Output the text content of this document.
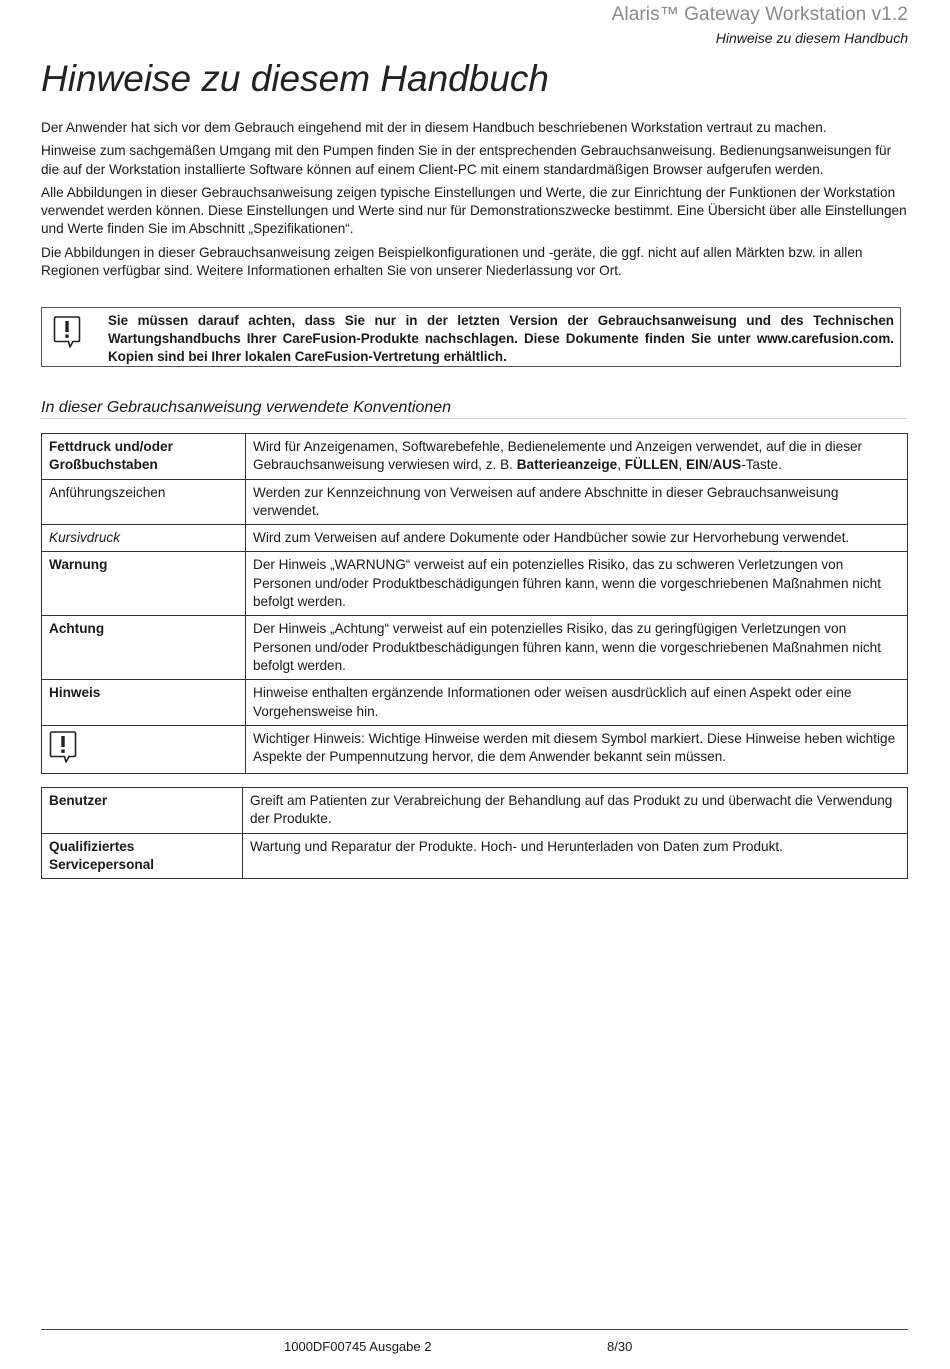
Alaris™ Gateway Workstation v1.2
Hinweise zu diesem Handbuch
Hinweise zu diesem Handbuch

Der Anwender hat sich vor dem Gebrauch eingehend mit der in diesem Handbuch beschriebenen Workstation vertraut zu machen.

Hinweise zum sachgemäßen Umgang mit den Pumpen finden Sie in der entsprechenden Gebrauchsanweisung. Bedienungsanweisungen für die auf der Workstation installierte Software können auf einem Client-PC mit einem standardmäßigen Browser aufgerufen werden.

Alle Abbildungen in dieser Gebrauchsanweisung zeigen typische Einstellungen und Werte, die zur Einrichtung der Funktionen der Workstation verwendet werden können. Diese Einstellungen und Werte sind nur für Demonstrationszwecke bestimmt. Eine Übersicht über alle Einstellungen und Werte finden Sie im Abschnitt „Spezifikationen“.

Die Abbildungen in dieser Gebrauchsanweisung zeigen Beispielkonfigurationen und -geräte, die ggf. nicht auf allen Märkten bzw. in allen Regionen verfügbar sind. Weitere Informationen erhalten Sie von unserer Niederlassung vor Ort.

Sie müssen darauf achten, dass Sie nur in der letzten Version der Gebrauchsanweisung und des Technischen Wartungshandbuchs Ihrer CareFusion-Produkte nachschlagen. Diese Dokumente finden Sie unter www.carefusion.com. Kopien sind bei Ihrer lokalen CareFusion-Vertretung erhältlich.
In dieser Gebrauchsanweisung verwendete Konventionen
Fettdruck und/oder Großbuchstaben	Wird für Anzeigenamen, Softwarebefehle, Bedienelemente und Anzeigen verwendet, auf die in dieser Gebrauchsanweisung verwiesen wird, z. B. Batterieanzeige, FÜLLEN, EIN/AUS-Taste.
Anführungszeichen	Werden zur Kennzeichnung von Verweisen auf andere Abschnitte in dieser Gebrauchsanweisung verwendet.
Kursivdruck	Wird zum Verweisen auf andere Dokumente oder Handbücher sowie zur Hervorhebung verwendet.
Warnung	Der Hinweis „WARNUNG“ verweist auf ein potenzielles Risiko, das zu schweren Verletzungen von Personen und/oder Produktbeschädigungen führen kann, wenn die vorgeschriebenen Maßnahmen nicht befolgt werden.
Achtung	Der Hinweis „Achtung“ verweist auf ein potenzielles Risiko, das zu geringfügigen Verletzungen von Personen und/oder Produktbeschädigungen führen kann, wenn die vorgeschriebenen Maßnahmen nicht befolgt werden.
Hinweis	Hinweise enthalten ergänzende Informationen oder weisen ausdrücklich auf einen Aspekt oder eine Vorgehensweise hin.
	Wichtiger Hinweis: Wichtige Hinweise werden mit diesem Symbol markiert. Diese Hinweise heben wichtige Aspekte der Pumpennutzung hervor, die dem Anwender bekannt sein müssen.
Benutzer	Greift am Patienten zur Verabreichung der Behandlung auf das Produkt zu und überwacht die Verwendung der Produkte.
Qualifiziertes Servicepersonal	Wartung und Reparatur der Produkte. Hoch- und Herunterladen von Daten zum Produkt.
1000DF00745 Ausgabe 2	8/30
